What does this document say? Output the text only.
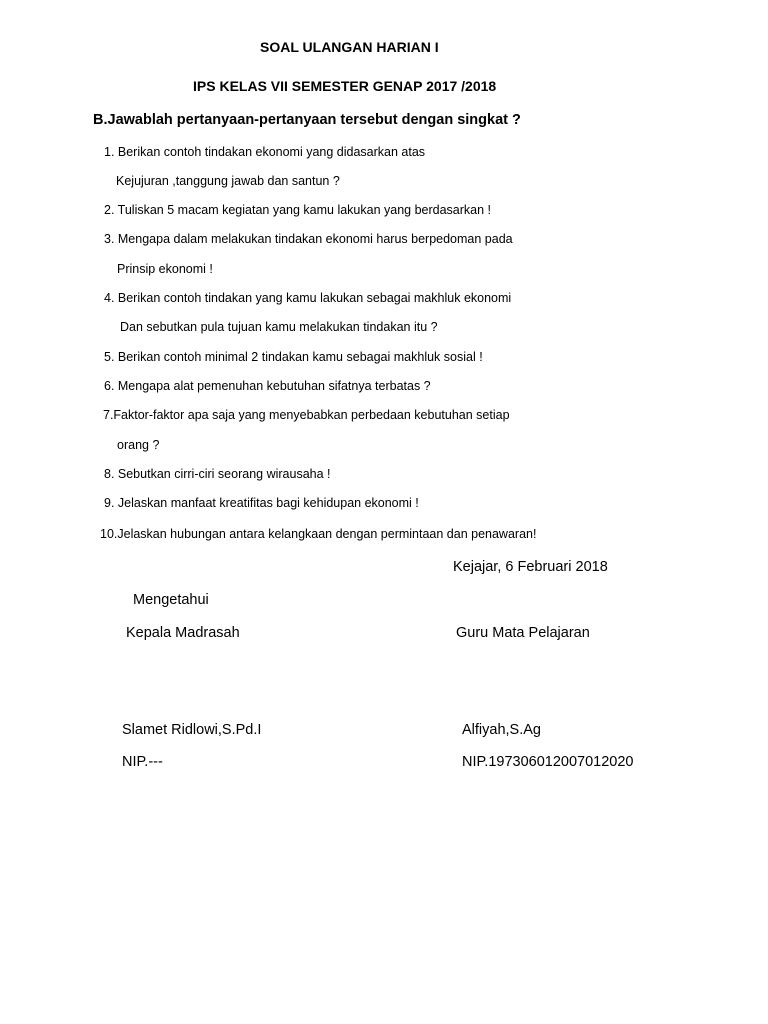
SOAL ULANGAN HARIAN I
IPS KELAS VII SEMESTER GENAP 2017 /2018
B.Jawablah pertanyaan-pertanyaan tersebut dengan singkat ?
1. Berikan contoh tindakan ekonomi yang didasarkan atas
Kejujuran ,tanggung jawab dan santun ?
2. Tuliskan 5 macam kegiatan yang kamu lakukan yang berdasarkan !
3. Mengapa dalam melakukan tindakan ekonomi harus berpedoman pada
Prinsip ekonomi !
4. Berikan contoh tindakan yang kamu lakukan sebagai makhluk ekonomi
Dan sebutkan pula tujuan kamu melakukan tindakan itu ?
5. Berikan contoh minimal 2 tindakan kamu sebagai makhluk sosial !
6. Mengapa alat pemenuhan kebutuhan sifatnya terbatas ?
7.Faktor-faktor apa saja yang menyebabkan perbedaan kebutuhan setiap
orang ?
8. Sebutkan cirri-ciri seorang wirausaha !
9. Jelaskan manfaat kreatifitas bagi kehidupan ekonomi !
10.Jelaskan hubungan antara kelangkaan dengan permintaan dan penawaran!
Kejajar, 6 Februari 2018
Mengetahui
Kepala Madrasah	Guru Mata Pelajaran
Slamet Ridlowi,S.Pd.I	Alfiyah,S.Ag
NIP.---	NIP.197306012007012020
